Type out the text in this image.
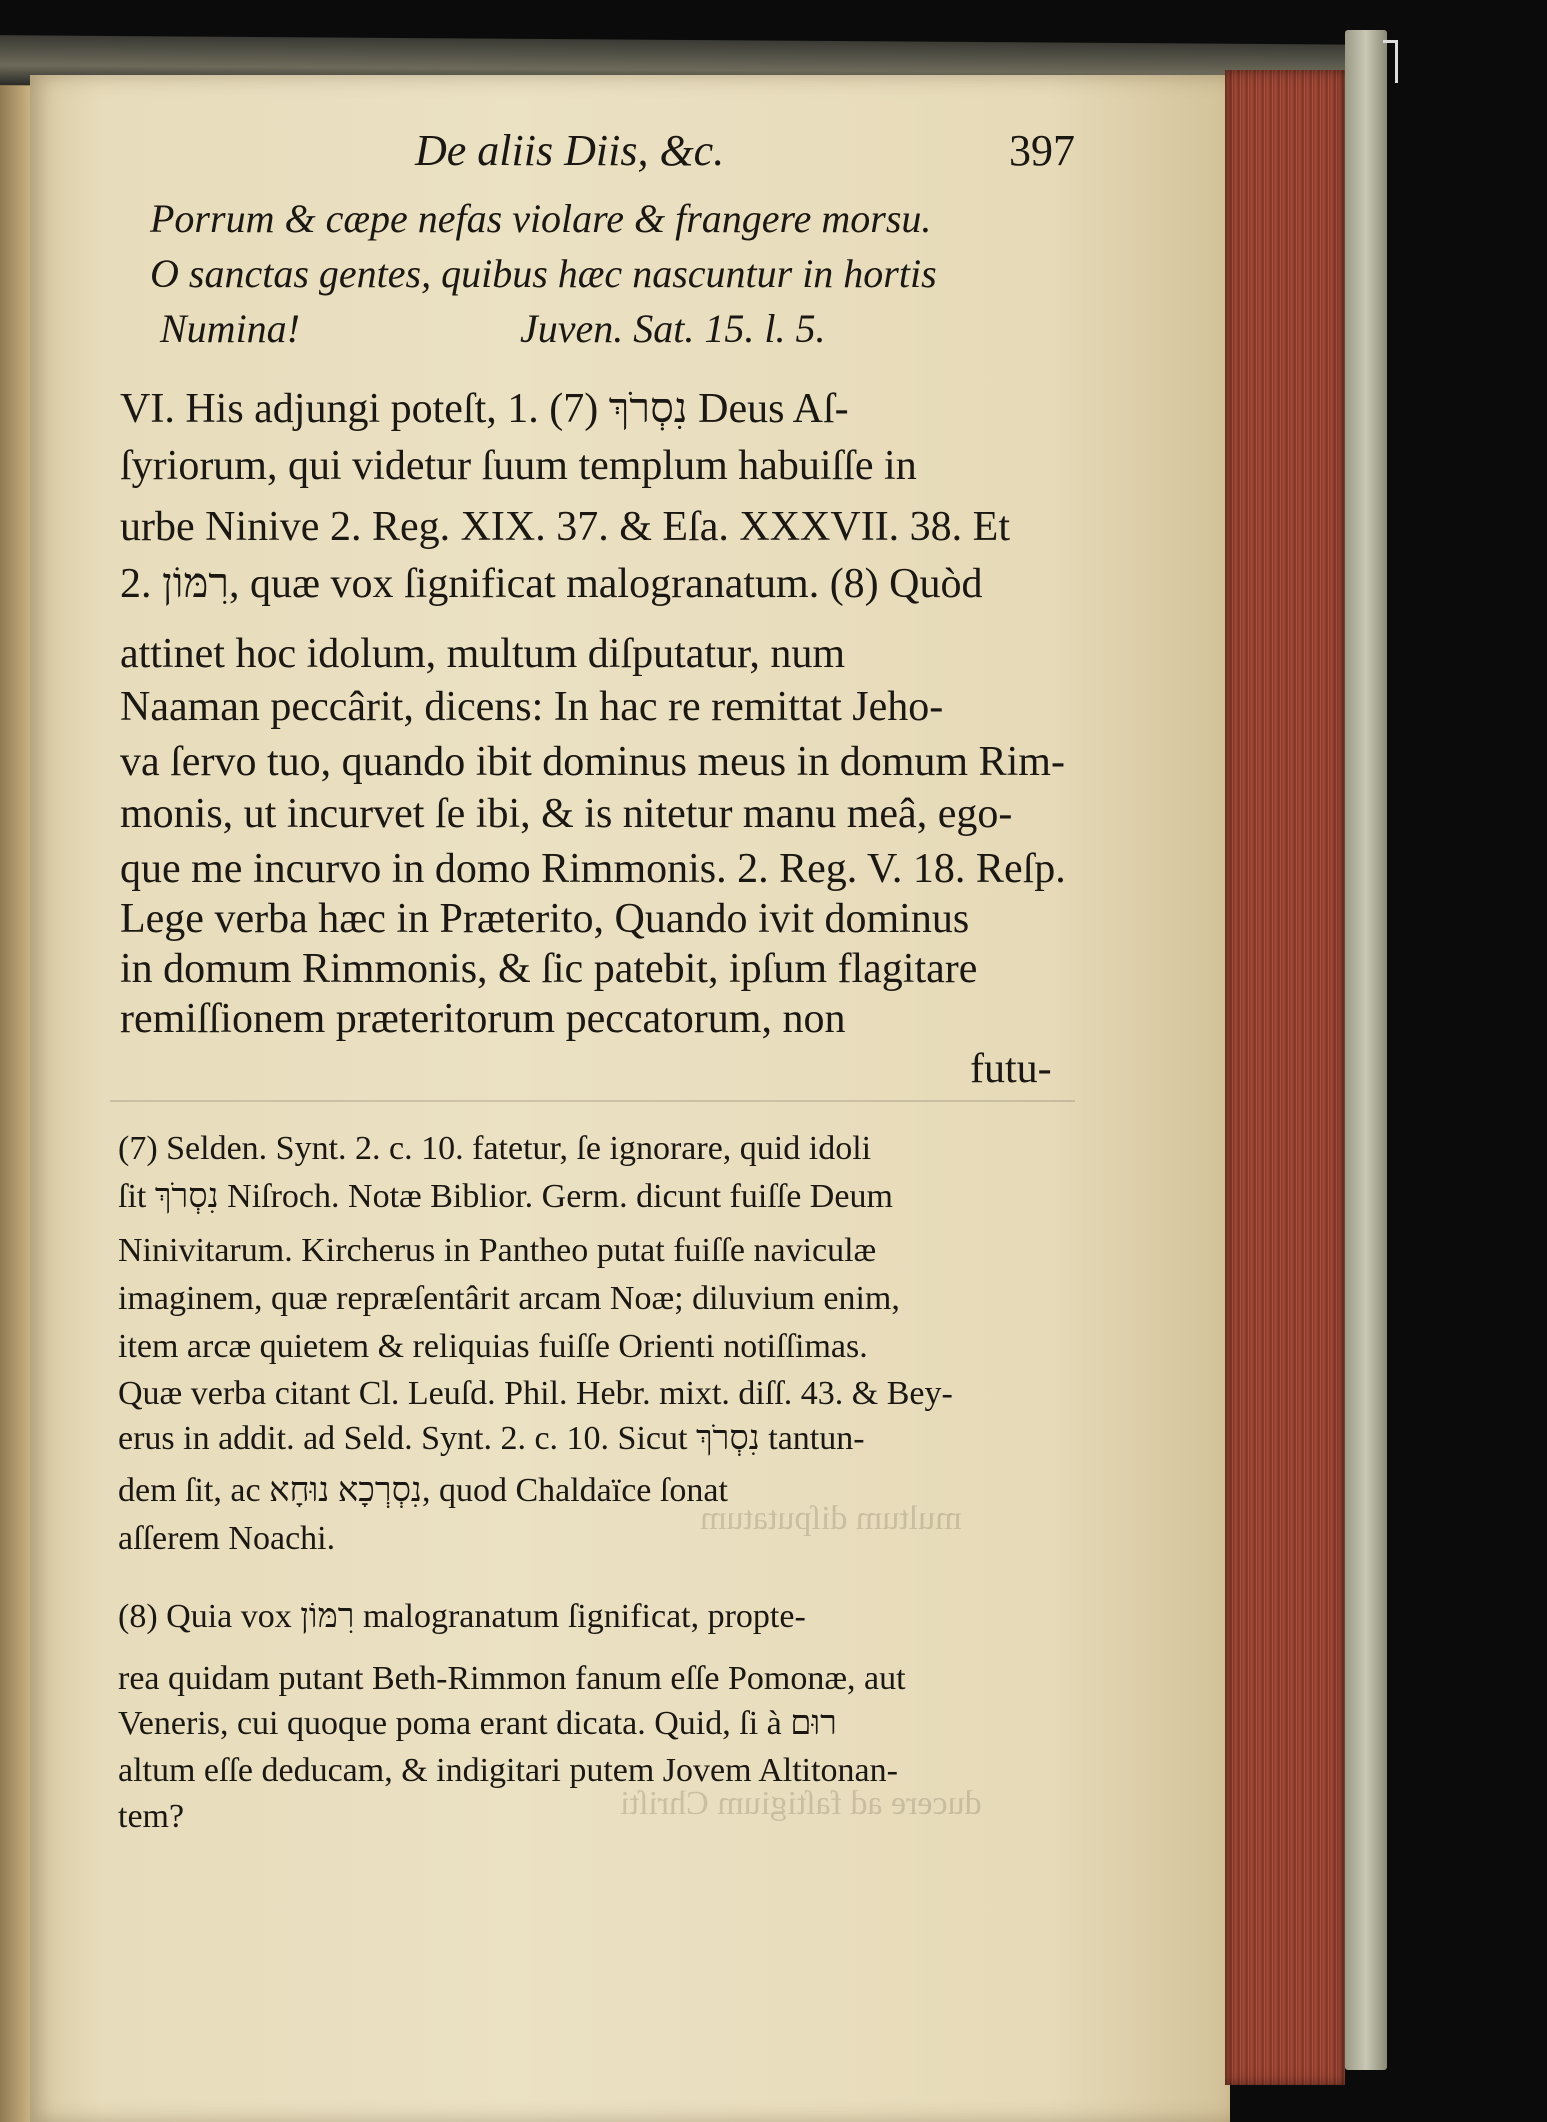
ducere ad faſtigium Chriſti
multum diſputatum
De aliis Diis, &c.	397
Porrum & cæpe nefas violare & frangere morsu.
O sanctas gentes, quibus hæc nascuntur in hortis
Numina!	Juven. Sat. 15. l. 5.
VI. His adjungi poteſt, 1. נִסְרֹךְ (7) Deus Aſ-
ſyriorum, qui videtur ſuum templum habuiſſe in
urbe Ninive 2. Reg. XIX. 37. & Eſa. XXXVII. 38. Et
2. רִמּוֹן, quæ vox ſignificat malogranatum. (8) Quòd
attinet hoc idolum, multum diſputatur, num
Naaman peccârit, dicens: In hac re remittat Jeho-
va ſervo tuo, quando ibit dominus meus in domum Rim-
monis, ut incurvet ſe ibi, & is nitetur manu meâ, ego-
que me incurvo in domo Rimmonis. 2. Reg. V. 18. Reſp.
Lege verba hæc in Præterito, Quando ivit dominus
in domum Rimmonis, & ſic patebit, ipſum flagitare
remiſſionem præteritorum peccatorum, non
futu-
(7) Selden. Synt. 2. c. 10. fatetur, ſe ignorare, quid idoli
ſit נִסְרֹךְ Niſroch. Notæ Biblior. Germ. dicunt fuiſſe Deum
Ninivitarum. Kircherus in Pantheo putat fuiſſe naviculæ
imaginem, quæ repræſentârit arcam Noæ; diluvium enim,
item arcæ quietem & reliquias fuiſſe Orienti notiſſimas.
Quæ verba citant Cl. Leuſd. Phil. Hebr. mixt. diſſ. 43. & Bey-
erus in addit. ad Seld. Synt. 2. c. 10. Sicut נִסְרֹךְ tantun-
dem ſit, ac נִסְרְכָא נוּחָא, quod Chaldaïce ſonat
aſſerem Noachi.
(8) Quia vox רִמּוֹן malogranatum ſignificat, propte-
rea quidam putant Beth-Rimmon fanum eſſe Pomonæ, aut
Veneris, cui quoque poma erant dicata. Quid, ſi à רוּם
altum eſſe deducam, & indigitari putem Jovem Altitonan-
tem?
